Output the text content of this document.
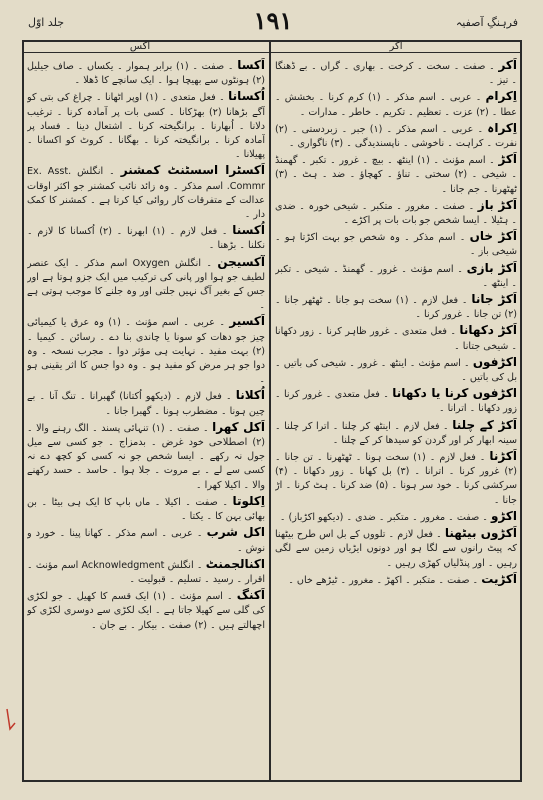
جلد اوّل	۱۹۱	فرہنگِ آصفیہ
اکس	اکر

اَکسا ۔ صفت ۔ (۱) برابر ہموار ۔ یکساں ۔ صاف جیلیل (۲) ہونٹوں سے بھیچا ہوا ۔ ایک سانچے کا ڈھلا ۔

اُکسانا ۔ فعل متعدی ۔ (۱) اوپر اٹھانا ۔ چراغ کی بتی کو آگے بڑھانا (۲) بھڑکانا ۔ کسی بات پر آمادہ کرنا ۔ ترغیب دلانا ۔ اُبھارنا ۔ برانگیختہ کرنا ۔ اشتعال دینا ۔ فساد پر آمادہ کرنا ۔ برانگیختہ کرنا ۔ بھگانا ۔ کروٹ کو اکسانا ۔ پھیلانا ۔

اَکسٹرا اسسٹنٹ کمشنر ۔ انگلش Ex. Asst. Commr. اسم مذکر ۔ وہ زائد نائب کمشنر جو اکثر اوقات عدالت کے متفرقات کار روائی کیا کرتا ہے ۔ کمشنر کا کمک دار ۔

اُکسنا ۔ فعل لازم ۔ (۱) ابھرنا ۔ (۲) اُکسانا کا لازم ۔ نکلنا ۔ بڑھنا ۔

آکسیجن ۔ انگلش Oxygen اسم مذکر ۔ ایک عنصر لطیف جو ہوا اور پانی کی ترکیب میں ایک جزو ہوتا ہے اور جس کے بغیر آگ نہیں جلتی اور وہ جلنے کا موجب ہوتی ہے ۔

اَکسیر ۔ عربی ۔ اسم مؤنث ۔ (۱) وہ عرق یا کیمیائی چیز جو دھات کو سونا یا چاندی بنا دے ۔ رسائن ۔ کیمیا ۔ (۲) بہت مفید ۔ نہایت ہی مؤثر دوا ۔ مجرب نسخہ ۔ وہ دوا جو ہر مرض کو مفید ہو ۔ وہ دوا جس کا اثر یقینی ہو ۔

اُکلانا ۔ فعل لازم ۔ (دیکھو اُکتانا) گھبرانا ۔ تنگ آنا ۔ بے چین ہونا ۔ مضطرب ہونا ۔ گھبرا جانا ۔

اَکل کھرا ۔ صفت ۔ (۱) تنہائی پسند ۔ الگ رہنے والا ۔ (۲) اصطلاحی خود غرض ۔ بدمزاج ۔ جو کسی سے میل جول نہ رکھے ۔ ایسا شخص جو نہ کسی کو کچھ دے نہ کسی سے لے ۔ بے مروت ۔ جلا ہوا ۔ حاسد ۔ حسد رکھنے والا ۔ اکیلا کھرا ۔

اِکلوتا ۔ صفت ۔ اکیلا ۔ ماں باپ کا ایک ہی بیٹا ۔ بن بھائی بہن کا ۔ یکتا ۔

اکل شرب ۔ عربی ۔ اسم مذکر ۔ کھانا پینا ۔ خورد و نوش ۔

اکنالجمنٹ ۔ انگلش Acknowledgment اسم مؤنث ۔ اقرار ۔ رسید ۔ تسلیم ۔ قبولیت ۔

اَکنگ ۔ اسم مؤنث ۔ (۱) ایک قسم کا کھیل ۔ جو لکڑی کی گلی سے کھیلا جاتا ہے ۔ ایک لکڑی سے دوسری لکڑی کو اچھالتے ہیں ۔ (۲) صفت ۔ بیکار ۔ بے جان ۔

اَکر ۔ صفت ۔ سخت ۔ کرخت ۔ بھاری ۔ گراں ۔ بے ڈھنگا ۔ تیز ۔

اِکرام ۔ عربی ۔ اسم مذکر ۔ (۱) کرم کرنا ۔ بخشش ۔ عطا ۔ (۲) عزت ۔ تعظیم ۔ تکریم ۔ خاطر ۔ مدارات ۔

اِکراہ ۔ عربی ۔ اسم مذکر ۔ (۱) جبر ۔ زبردستی ۔ (۲) نفرت ۔ کراہت ۔ ناخوشی ۔ ناپسندیدگی ۔ (۳) ناگواری ۔

اَکڑ ۔ اسم مؤنث ۔ (۱) اینٹھ ۔ بیچ ۔ غرور ۔ تکبر ۔ گھمنڈ ۔ شیخی ۔ (۲) سختی ۔ تناؤ ۔ کھچاؤ ۔ ضد ۔ ہٹ ۔ (۳) ٹھٹھرنا ۔ جم جانا ۔

اَکڑ باز ۔ صفت ۔ مغرور ۔ متکبر ۔ شیخی خورہ ۔ ضدی ۔ ہٹیلا ۔ ایسا شخص جو بات بات پر اکڑے ۔

اَکڑ خاں ۔ اسم مذکر ۔ وہ شخص جو بہت اکڑتا ہو ۔ شیخی باز ۔

اَکڑ بازی ۔ اسم مؤنث ۔ غرور ۔ گھمنڈ ۔ شیخی ۔ تکبر ۔ اینٹھ ۔

اَکڑ جانا ۔ فعل لازم ۔ (۱) سخت ہو جانا ۔ ٹھٹھر جانا ۔ (۲) تن جانا ۔ غرور کرنا ۔

اَکڑ دکھانا ۔ فعل متعدی ۔ غرور ظاہر کرنا ۔ زور دکھانا ۔ شیخی جتانا ۔

اکڑفوں ۔ اسم مؤنث ۔ اینٹھ ۔ غرور ۔ شیخی کی باتیں ۔ بل کی باتیں ۔

اکڑفوں کرنا یا دکھانا ۔ فعل متعدی ۔ غرور کرنا ۔ زور دکھانا ۔ اترانا ۔

اَکڑ کے چلنا ۔ فعل لازم ۔ اینٹھ کر چلنا ۔ اترا کر چلنا ۔ سینہ ابھار کر اور گردن کو سیدھا کر کے چلنا ۔

اَکڑنا ۔ فعل لازم ۔ (۱) سخت ہونا ۔ ٹھٹھرنا ۔ تن جانا ۔ (۲) غرور کرنا ۔ اترانا ۔ (۳) بل کھانا ۔ زور دکھانا ۔ (۴) سرکشی کرنا ۔ خود سر ہونا ۔ (۵) ضد کرنا ۔ ہٹ کرنا ۔ اڑ جانا ۔

اکڑو ۔ صفت ۔ مغرور ۔ متکبر ۔ ضدی ۔ (دیکھو اکڑباز) ۔

اَکڑوں بیٹھنا ۔ فعل لازم ۔ تلووں کے بل اس طرح بیٹھنا کہ پیٹ رانوں سے لگا ہو اور دونوں ایڑیاں زمین سے لگی رہیں ۔ اور پنڈلیاں کھڑی رہیں ۔

اَکڑیت ۔ صفت ۔ متکبر ۔ اکھڑ ۔ مغرور ۔ ٹیڑھے خاں ۔
